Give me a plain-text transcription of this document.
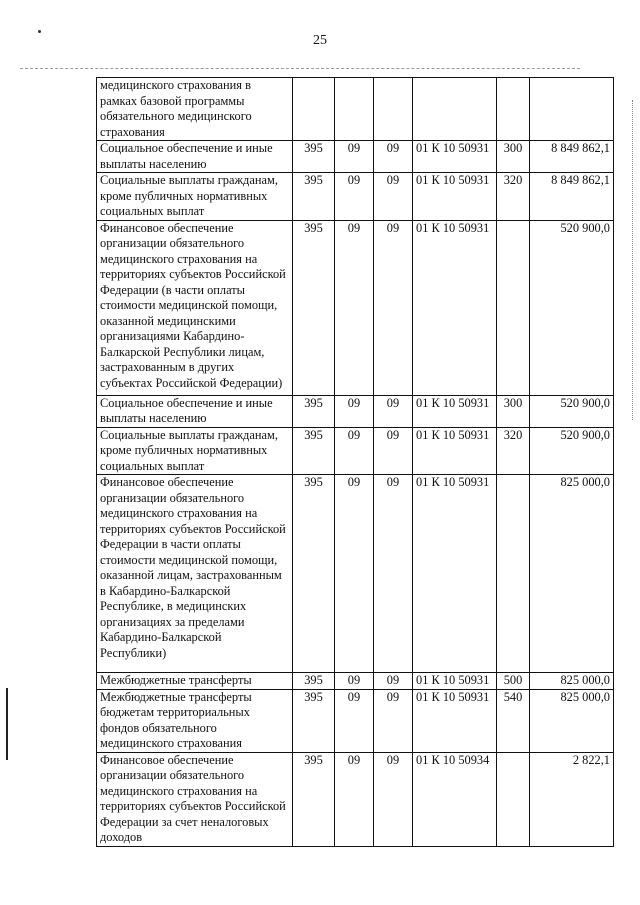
25
медицинского страхования в рамках базовой программы обязательного медицинского страхования						
Социальное обеспечение и иные выплаты населению	395	09	09	01 К 10 50931	300	8 849 862,1
Социальные выплаты гражданам, кроме публичных нормативных социальных выплат	395	09	09	01 К 10 50931	320	8 849 862,1
Финансовое обеспечение организации обязательного медицинского страхования на территориях субъектов Российской Федерации (в части оплаты стоимости медицинской помощи, оказанной медицинскими организациями Кабардино-Балкарской Республики лицам, застрахованным в других субъектах Российской Федерации)	395	09	09	01 К 10 50931		520 900,0
Социальное обеспечение и иные выплаты населению	395	09	09	01 К 10 50931	300	520 900,0
Социальные выплаты гражданам, кроме публичных нормативных социальных выплат	395	09	09	01 К 10 50931	320	520 900,0
Финансовое обеспечение организации обязательного медицинского страхования на территориях субъектов Российской Федерации в части оплаты стоимости медицинской помощи, оказанной лицам, застрахованным в Кабардино-Балкарской Республике, в медицинских организациях за пределами Кабардино-Балкарской Республики)	395	09	09	01 К 10 50931		825 000,0
Межбюджетные трансферты	395	09	09	01 К 10 50931	500	825 000,0
Межбюджетные трансферты бюджетам территориальных фондов обязательного медицинского страхования	395	09	09	01 К 10 50931	540	825 000,0
Финансовое обеспечение организации обязательного медицинского страхования на территориях субъектов Российской Федерации за счет неналоговых доходов	395	09	09	01 К 10 50934		2 822,1
